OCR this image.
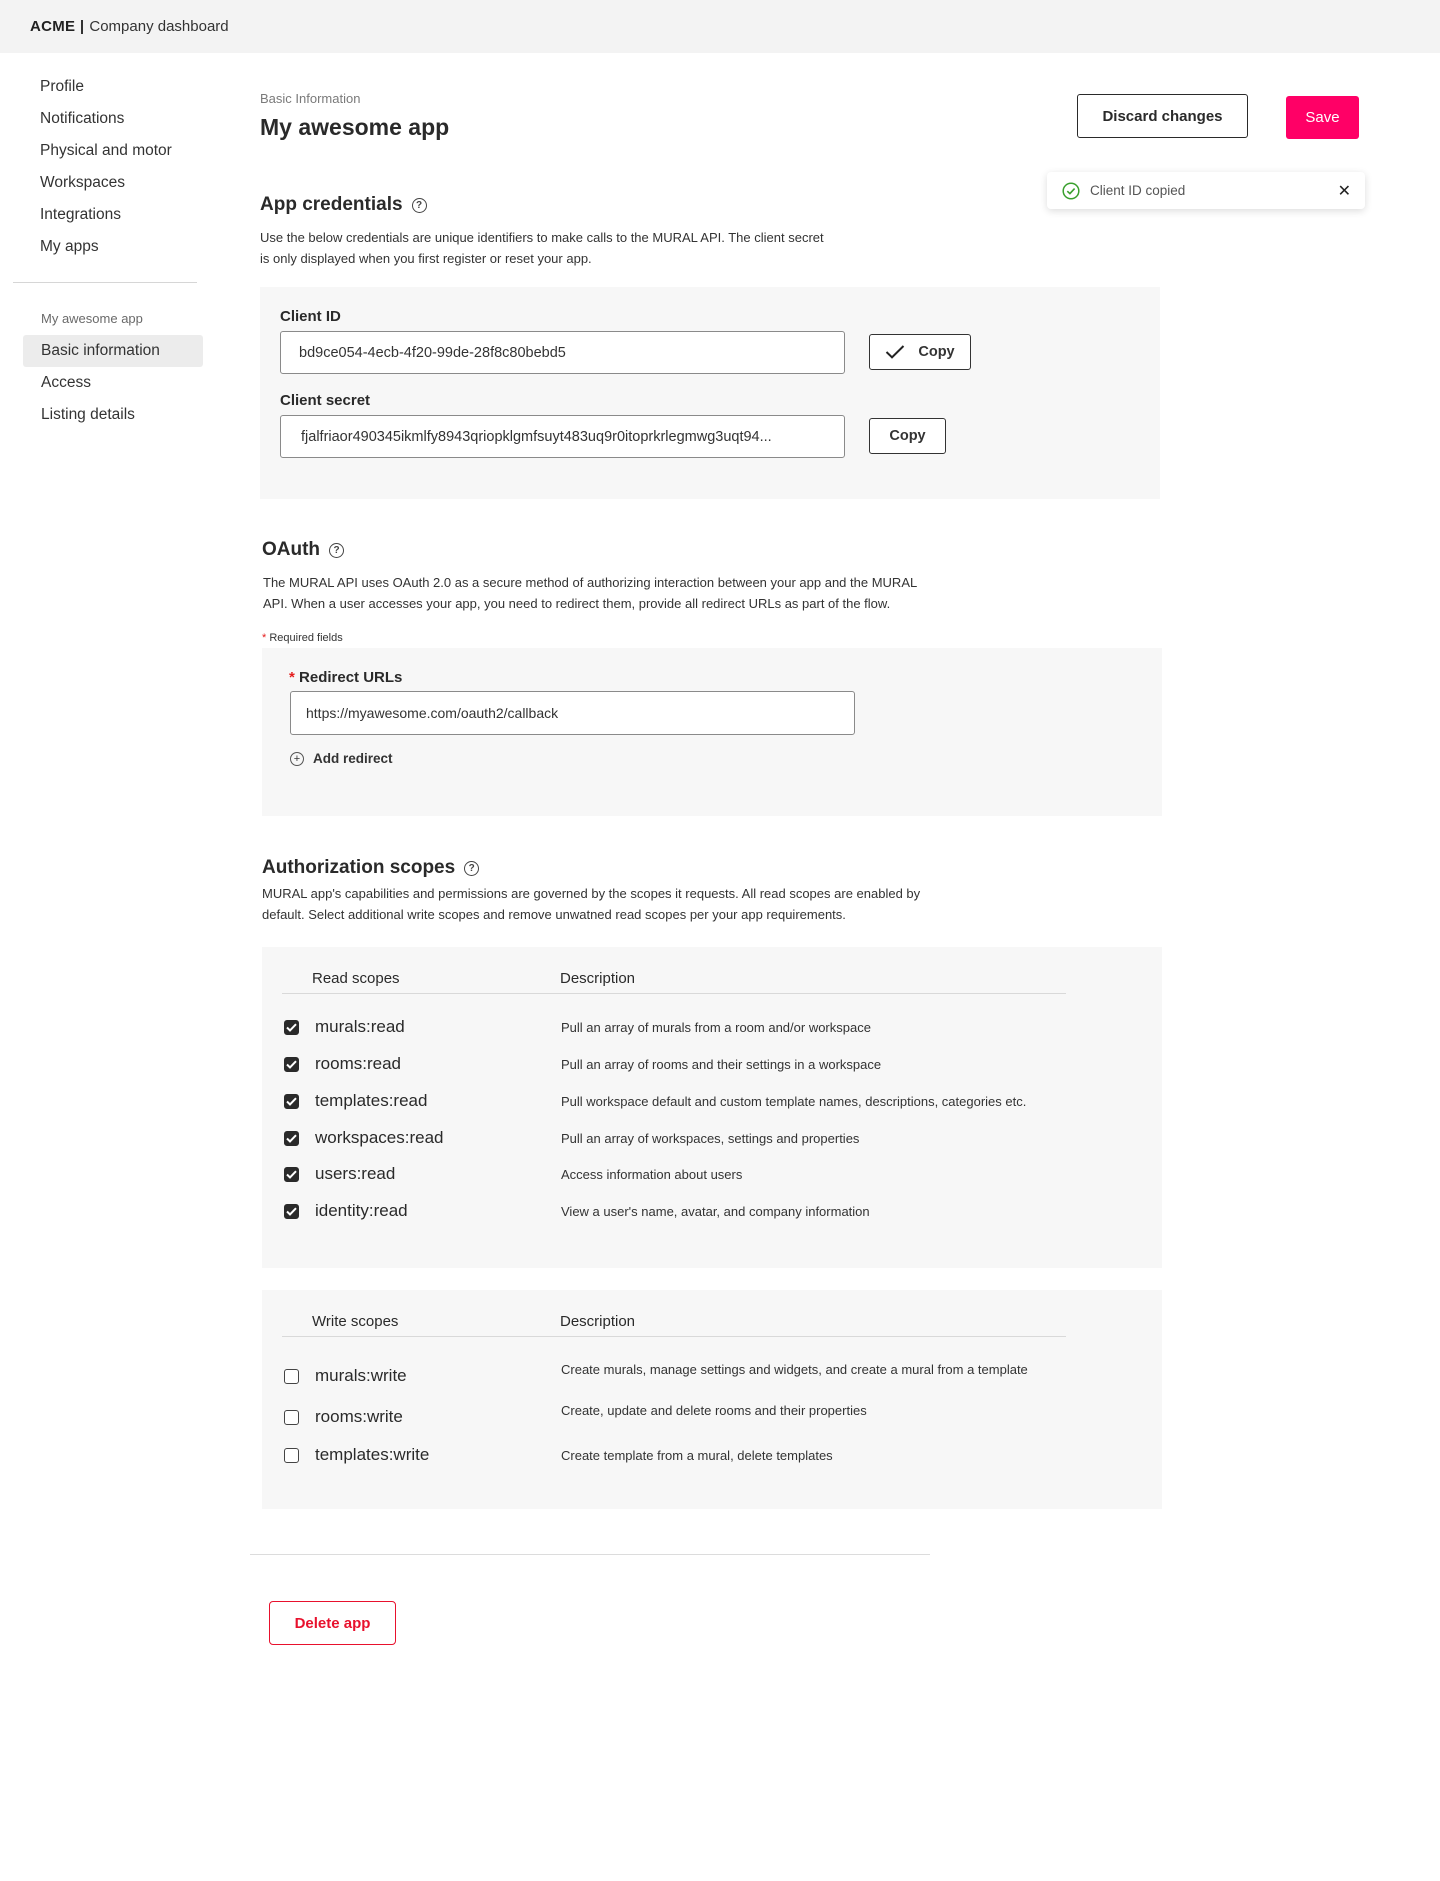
ACME Company dashboard
Profile
Notifications
Physical and motor
Workspaces
Integrations
My apps
My awesome app
Basic information
Access
Listing details
Basic Information
My awesome app	Discard changes	Save
Client ID copied	✕
App credentials	?
Use the below credentials are unique identifiers to make calls to the MURAL API. The client secret
is only displayed when you first register or reset your app.
Client ID
bd9ce054-4ecb-4f20-99de-28f8c80bebd5	Copy
Client secret
fjalfriaor490345ikmlfy8943qriopklgmfsuyt483uq9r0itoprkrlegmwg3uqt94...	Copy
OAuth	?
The MURAL API uses OAuth 2.0 as a secure method of authorizing interaction between your app and the MURAL
API. When a user accesses your app, you need to redirect them, provide all redirect URLs as part of the flow.
* Required fields
* Redirect URLs
https://myawesome.com/oauth2/callback
+ Add redirect
Authorization scopes	?
MURAL app's capabilities and permissions are governed by the scopes it requests. All read scopes are enabled by
default. Select additional write scopes and remove unwatned read scopes per your app requirements.
Read scopes	Description
murals:read	Pull an array of murals from a room and/or workspace
rooms:read	Pull an array of rooms and their settings in a workspace
templates:read	Pull workspace default and custom template names, descriptions, categories etc.
workspaces:read	Pull an array of workspaces, settings and properties
users:read	Access information about users
identity:read	View a user's name, avatar, and company information
Write scopes	Description
murals:write	Create murals, manage settings and widgets, and create a mural from a template
rooms:write	Create, update and delete rooms and their properties
templates:write	Create template from a mural, delete templates
Delete app
